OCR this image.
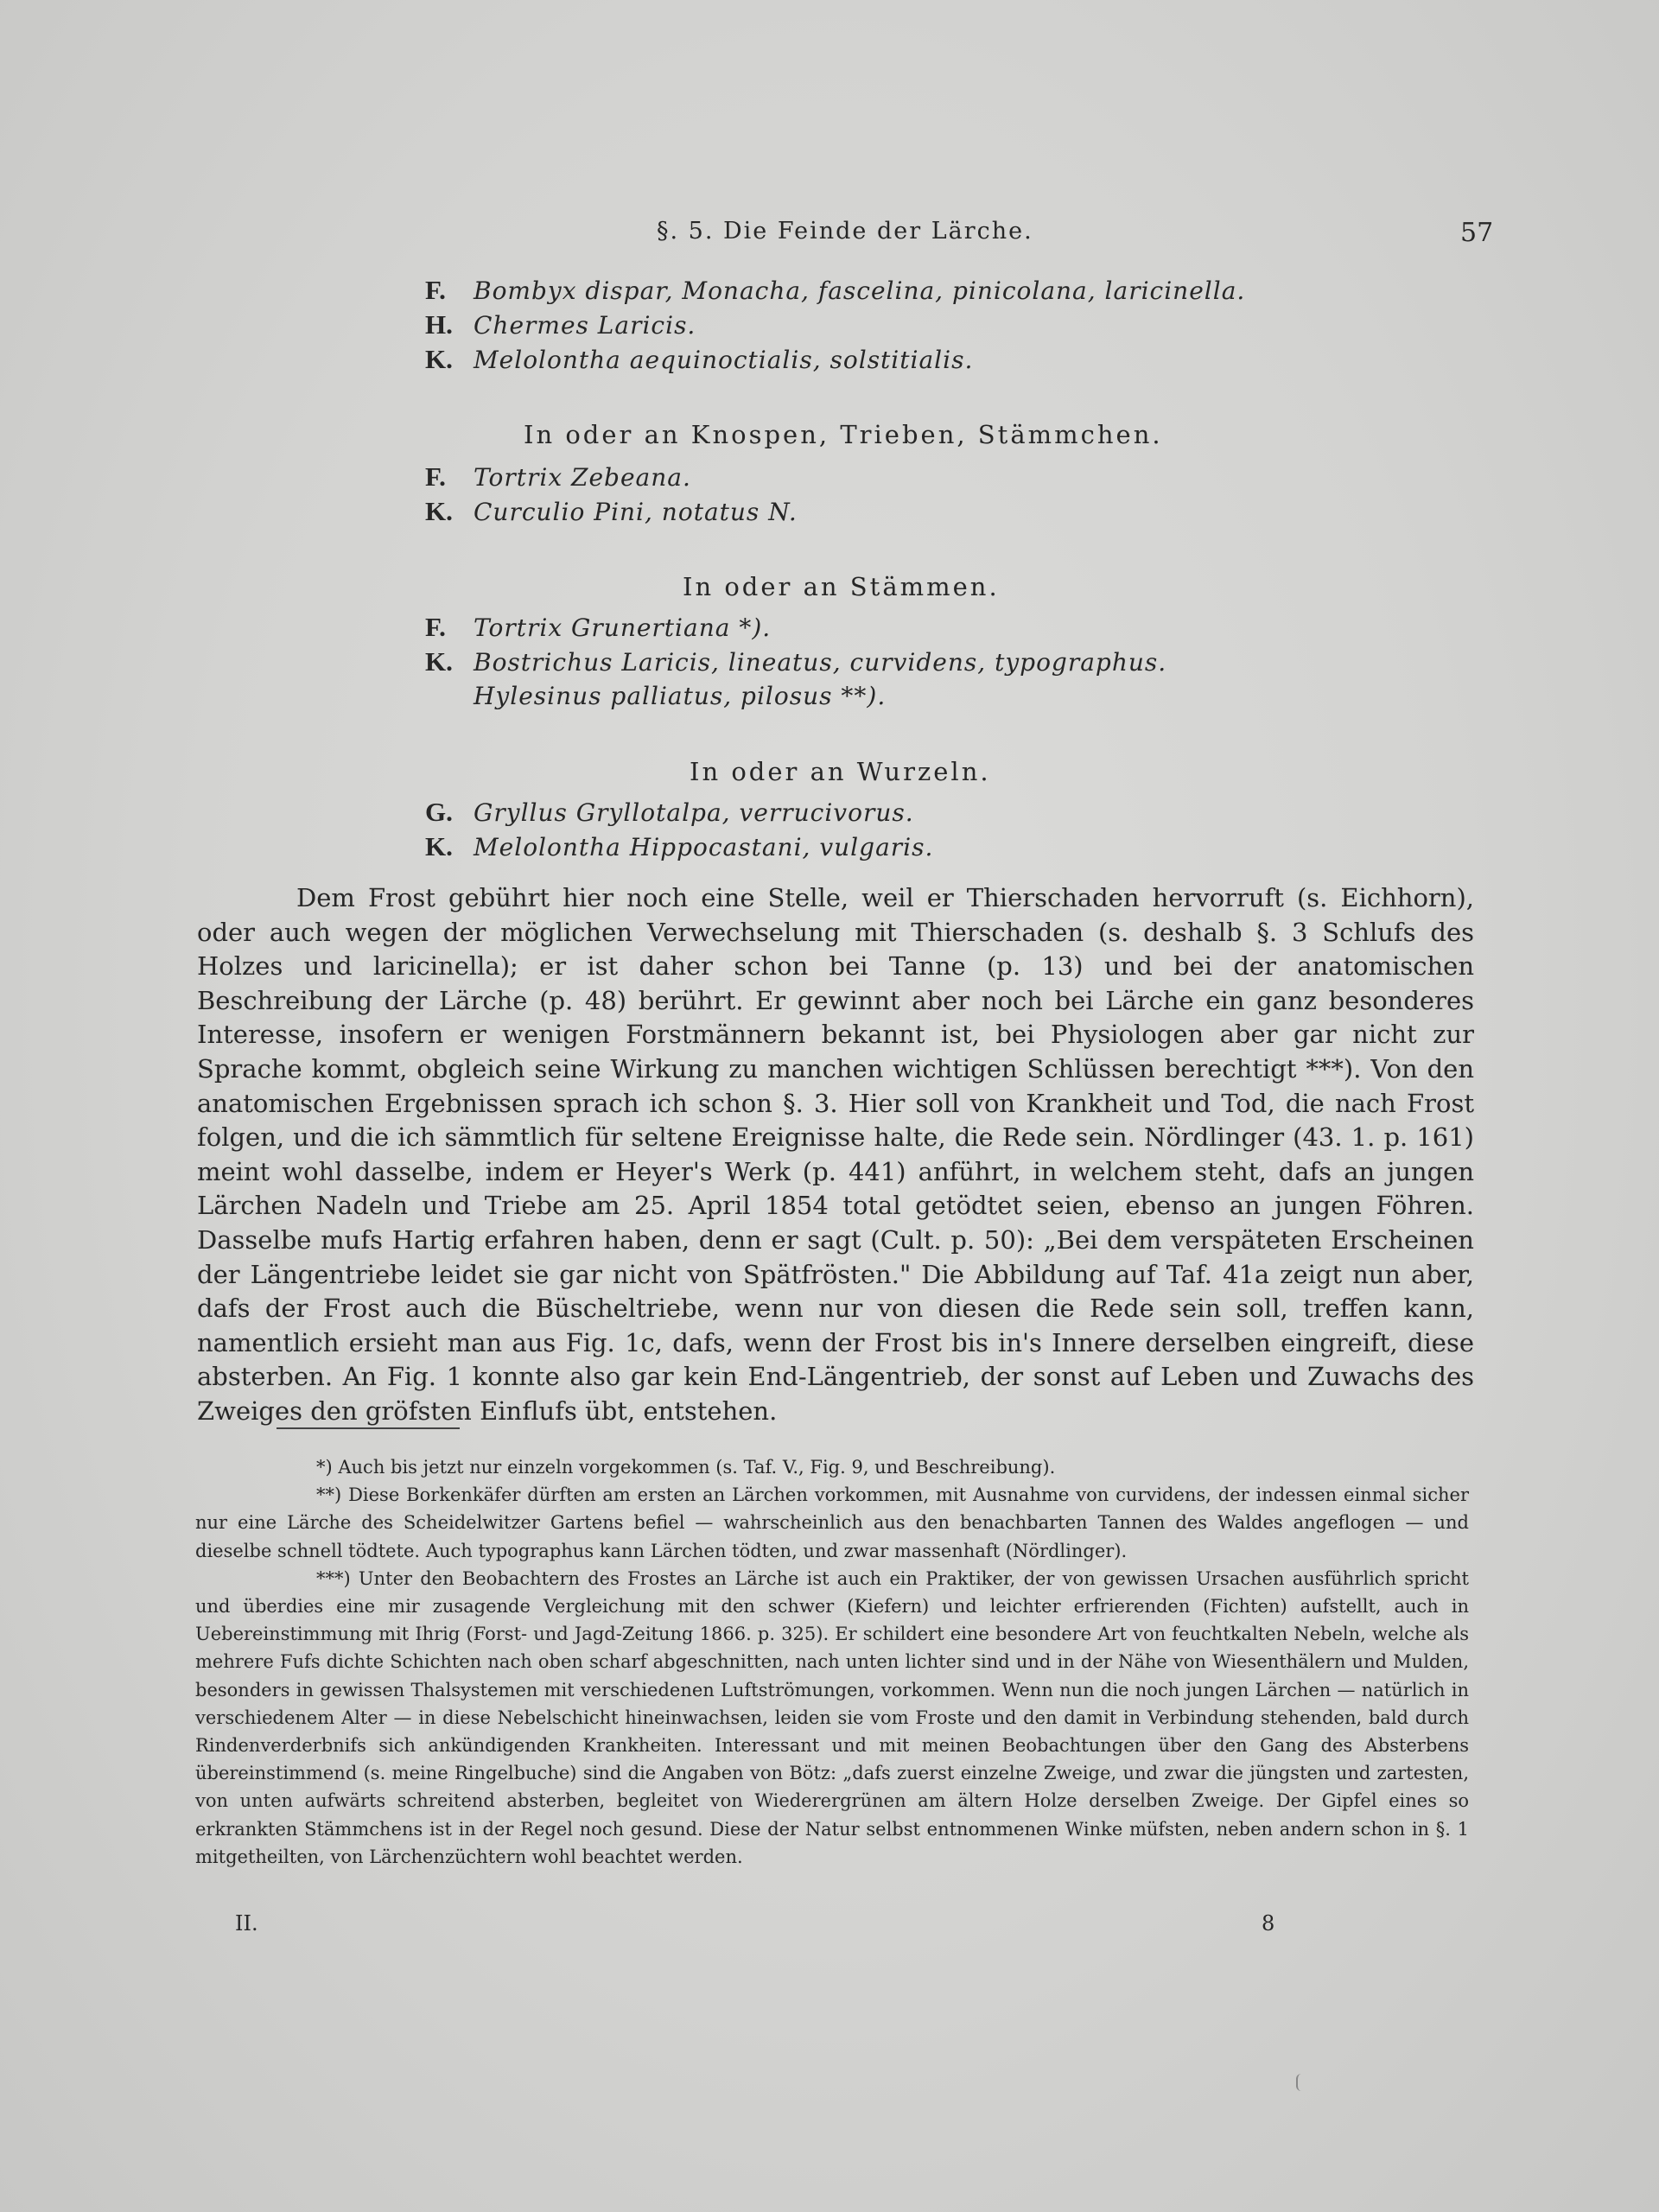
§. 5. Die Feinde der Lärche.	57
F. Bombyx dispar, Monacha, fascelina, pinicolana, laricinella.
H. Chermes Laricis.
K. Melolontha aequinoctialis, solstitialis.
In oder an Knospen, Trieben, Stämmchen.
F. Tortrix Zebeana.
K. Curculio Pini, notatus N.
In oder an Stämmen.
F. Tortrix Grunertiana *).
K. Bostrichus Laricis, lineatus, curvidens, typographus.
Hylesinus palliatus, pilosus **).
In oder an Wurzeln.
G. Gryllus Gryllotalpa, verrucivorus.
K. Melolontha Hippocastani, vulgaris.

Dem Frost gebührt hier noch eine Stelle, weil er Thierschaden hervorruft (s. Eichhorn), oder auch wegen der möglichen Verwechselung mit Thierschaden (s. deshalb §. 3 Schlufs des Holzes und laricinella); er ist daher schon bei Tanne (p. 13) und bei der anatomischen Beschreibung der Lärche (p. 48) berührt. Er gewinnt aber noch bei Lärche ein ganz besonderes Interesse, insofern er wenigen Forstmännern bekannt ist, bei Physiologen aber gar nicht zur Sprache kommt, obgleich seine Wirkung zu manchen wichtigen Schlüssen berechtigt ***). Von den anatomischen Ergebnissen sprach ich schon §. 3. Hier soll von Krankheit und Tod, die nach Frost folgen, und die ich sämmtlich für seltene Ereignisse halte, die Rede sein. Nördlinger (43. 1. p. 161) meint wohl dasselbe, indem er Heyer's Werk (p. 441) anführt, in welchem steht, dafs an jungen Lärchen Nadeln und Triebe am 25. April 1854 total getödtet seien, ebenso an jungen Föhren. Dasselbe mufs Hartig erfahren haben, denn er sagt (Cult. p. 50): „Bei dem verspäteten Erscheinen der Längentriebe leidet sie gar nicht von Spätfrösten." Die Abbildung auf Taf. 41a zeigt nun aber, dafs der Frost auch die Büscheltriebe, wenn nur von diesen die Rede sein soll, treffen kann, namentlich ersieht man aus Fig. 1c, dafs, wenn der Frost bis in's Innere derselben eingreift, diese absterben. An Fig. 1 konnte also gar kein End-Längentrieb, der sonst auf Leben und Zuwachs des Zweiges den gröfsten Einflufs übt, entstehen.

*) Auch bis jetzt nur einzeln vorgekommen (s. Taf. V., Fig. 9, und Beschreibung).

**) Diese Borkenkäfer dürften am ersten an Lärchen vorkommen, mit Ausnahme von curvidens, der indessen einmal sicher nur eine Lärche des Scheidelwitzer Gartens befiel — wahrscheinlich aus den benachbarten Tannen des Waldes angeflogen — und dieselbe schnell tödtete. Auch typographus kann Lärchen tödten, und zwar massenhaft (Nördlinger).

***) Unter den Beobachtern des Frostes an Lärche ist auch ein Praktiker, der von gewissen Ursachen ausführlich spricht und überdies eine mir zusagende Vergleichung mit den schwer (Kiefern) und leichter erfrierenden (Fichten) aufstellt, auch in Uebereinstimmung mit Ihrig (Forst- und Jagd-Zeitung 1866. p. 325). Er schildert eine besondere Art von feuchtkalten Nebeln, welche als mehrere Fufs dichte Schichten nach oben scharf abgeschnitten, nach unten lichter sind und in der Nähe von Wiesenthälern und Mulden, besonders in gewissen Thalsystemen mit verschiedenen Luftströmungen, vorkommen. Wenn nun die noch jungen Lärchen — natürlich in verschiedenem Alter — in diese Nebelschicht hineinwachsen, leiden sie vom Froste und den damit in Verbindung stehenden, bald durch Rindenverderbnifs sich ankündigenden Krankheiten. Interessant und mit meinen Beobachtungen über den Gang des Absterbens übereinstimmend (s. meine Ringelbuche) sind die Angaben von Bötz: „dafs zuerst einzelne Zweige, und zwar die jüngsten und zartesten, von unten aufwärts schreitend absterben, begleitet von Wiederergrünen am ältern Holze derselben Zweige. Der Gipfel eines so erkrankten Stämmchens ist in der Regel noch gesund. Diese der Natur selbst entnommenen Winke müfsten, neben andern schon in §. 1 mitgetheilten, von Lärchenzüchtern wohl beachtet werden.

II.	8
